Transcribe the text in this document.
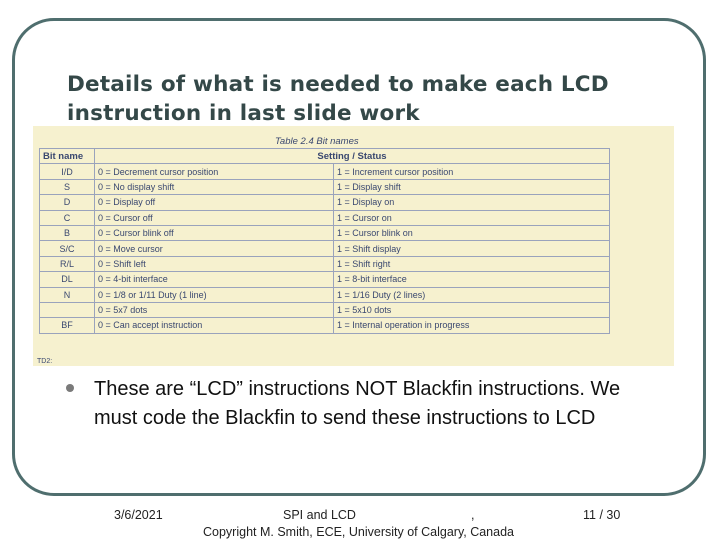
Details of what is needed to make each LCD
instruction in last slide work
Table 2.4 Bit names
Bit name	Setting / Status	
I/D	0 = Decrement cursor position	1 = Increment cursor position
S	0 = No display shift	1 = Display shift
D	0 = Display off	1 = Display on
C	0 = Cursor off	1 = Cursor on
B	0 = Cursor blink off	1 = Cursor blink on
S/C	0 = Move cursor	1 = Shift display
R/L	0 = Shift left	1 = Shift right
DL	0 = 4-bit interface	1 = 8-bit interface
N	0 = 1/8 or 1/11 Duty (1 line)	1 = 1/16 Duty (2 lines)
	0 = 5x7 dots	1 = 5x10 dots
BF	0 = Can accept instruction	1 = Internal operation in progress
TD2:

These are “LCD” instructions NOT Blackfin instructions. We must code the Blackfin to send these instructions to LCD

3/6/2021	SPI and LCD	,	11 / 30
Copyright M. Smith, ECE, University of Calgary, Canada
